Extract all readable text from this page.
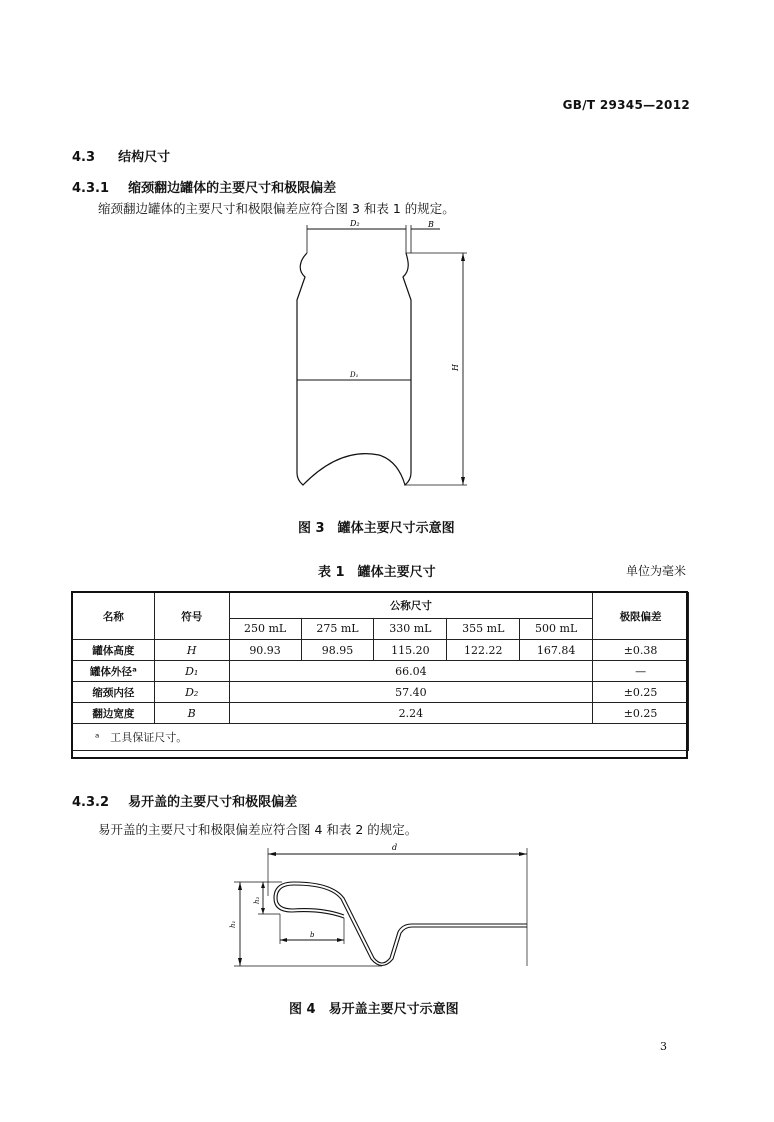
GB/T 29345—2012
4.3 结构尺寸
4.3.1 缩颈翻边罐体的主要尺寸和极限偏差
缩颈翻边罐体的主要尺寸和极限偏差应符合图 3 和表 1 的规定。
D₂	B
D₁
H
图 3　罐体主要尺寸示意图
表 1　罐体主要尺寸	单位为毫米
名称	符号	公称尺寸					极限偏差
		250 mL	275 mL	330 mL	355 mL	500 mL	
罐体高度	H	90.93	98.95	115.20	122.22	167.84	±0.38
罐体外径ᵃ	D₁	66.04					—
缩颈内径	D₂	57.40					±0.25
翻边宽度	B	2.24					±0.25
ᵃ　工具保证尺寸。							
4.3.2 易开盖的主要尺寸和极限偏差
易开盖的主要尺寸和极限偏差应符合图 4 和表 2 的规定。
d
h₁
h₂
b
图 4　易开盖主要尺寸示意图
3
